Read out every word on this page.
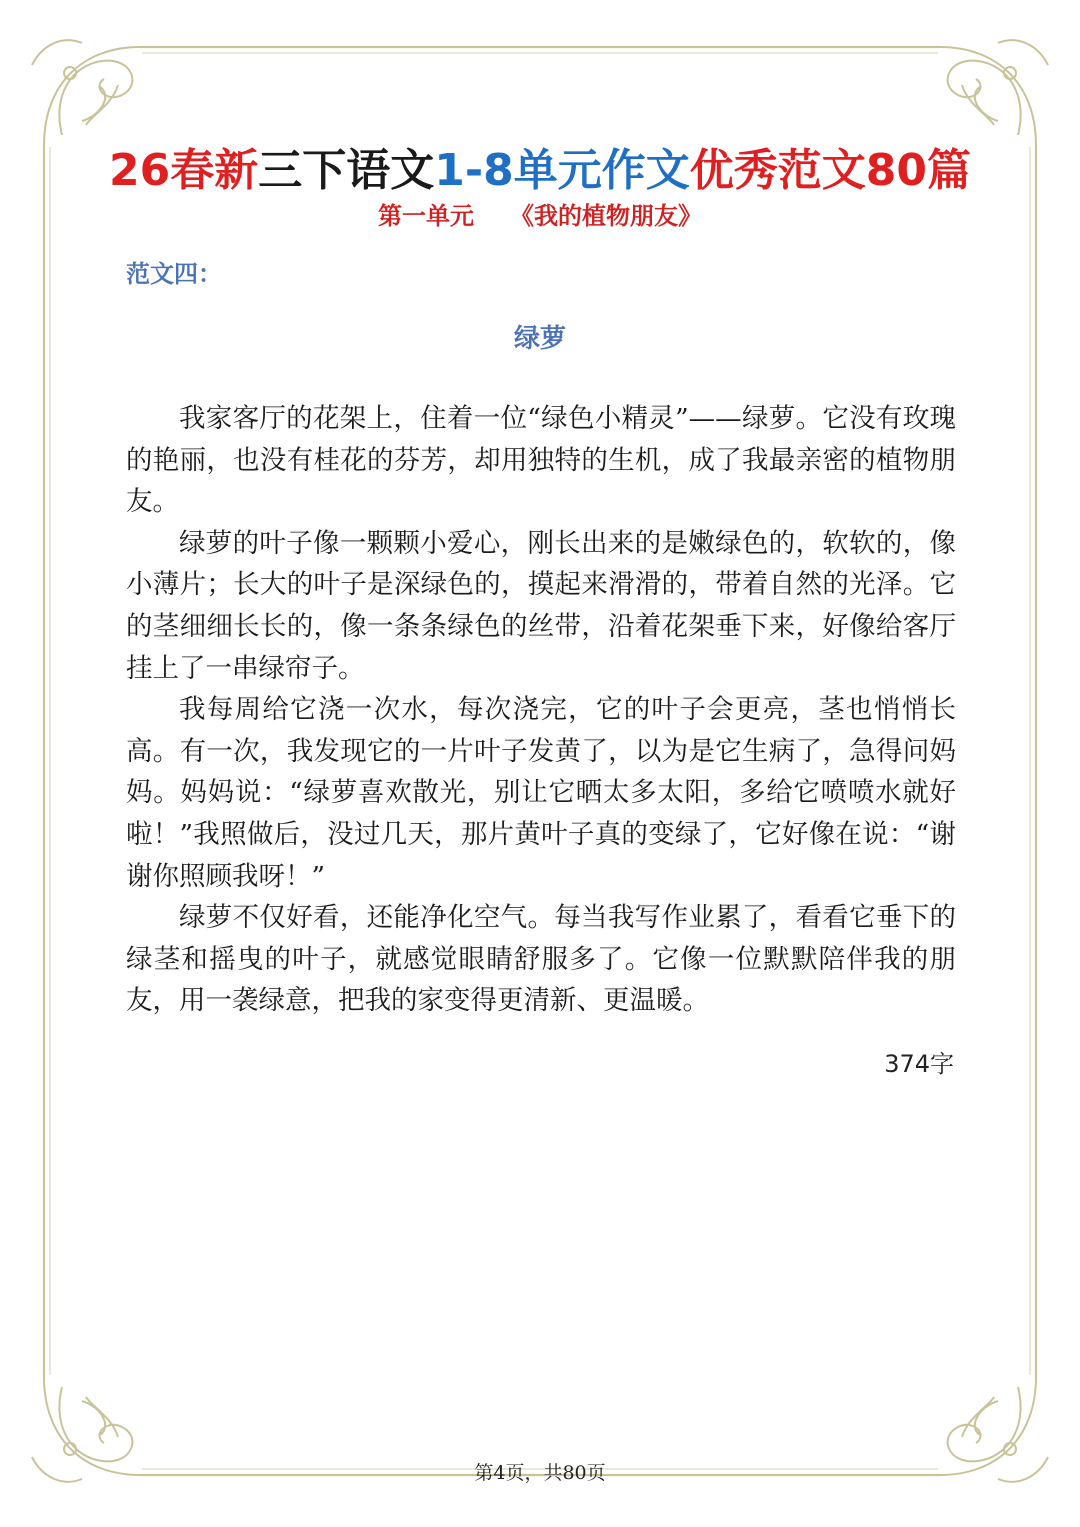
26春新三下语文1-8单元作文优秀范文80篇
第一单元　　《我的植物朋友》
范文四：
绿萝

我家客厅的花架上，住着一位“绿色小精灵”——绿萝。它没有玫瑰的艳丽，也没有桂花的芬芳，却用独特的生机，成了我最亲密的植物朋友。

绿萝的叶子像一颗颗小爱心，刚长出来的是嫩绿色的，软软的，像小薄片；长大的叶子是深绿色的，摸起来滑滑的，带着自然的光泽。它的茎细细长长的，像一条条绿色的丝带，沿着花架垂下来，好像给客厅挂上了一串绿帘子。

我每周给它浇一次水，每次浇完，它的叶子会更亮，茎也悄悄长高。有一次，我发现它的一片叶子发黄了，以为是它生病了，急得问妈妈。妈妈说：“绿萝喜欢散光，别让它晒太多太阳，多给它喷喷水就好啦！”我照做后，没过几天，那片黄叶子真的变绿了，它好像在说：“谢谢你照顾我呀！”

绿萝不仅好看，还能净化空气。每当我写作业累了，看看它垂下的绿茎和摇曳的叶子，就感觉眼睛舒服多了。它像一位默默陪伴我的朋友，用一袭绿意，把我的家变得更清新、更温暖。

374字
第4页，共80页
